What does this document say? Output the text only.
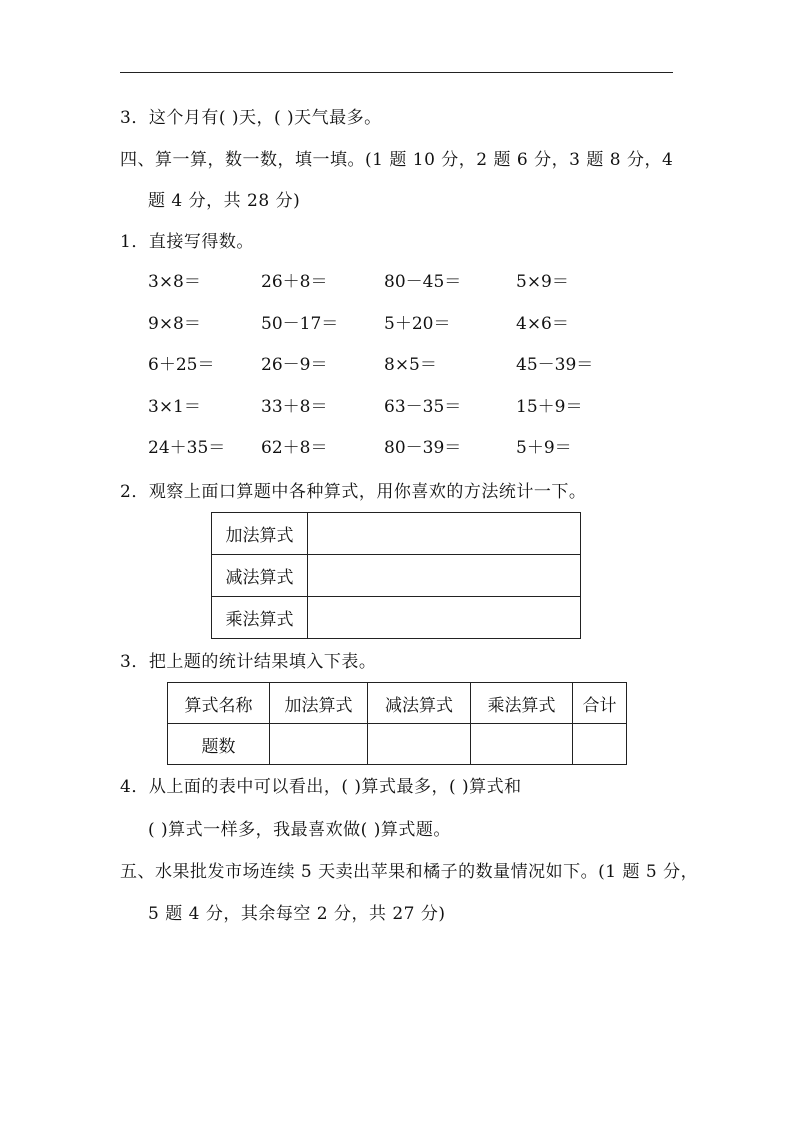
3．这个月有( )天，( )天气最多。
四、算一算，数一数，填一填。(1 题 10 分，2 题 6 分，3 题 8 分，4
题 4 分，共 28 分)
1．直接写得数。
3×8＝	26＋8＝	80－45＝	5×9＝
9×8＝	50－17＝	5＋20＝	4×6＝
6＋25＝	26－9＝	8×5＝	45－39＝
3×1＝	33＋8＝	63－35＝	15＋9＝
24＋35＝ 62＋8＝	80－39＝	5＋9＝
2．观察上面口算题中各种算式，用你喜欢的方法统计一下。
加法算式	
减法算式	
乘法算式	
3．把上题的统计结果填入下表。
算式名称	加法算式	减法算式	乘法算式	合计
题数				
4．从上面的表中可以看出，( )算式最多，( )算式和
( )算式一样多，我最喜欢做( )算式题。
五、水果批发市场连续 5 天卖出苹果和橘子的数量情况如下。(1 题 5 分，
5 题 4 分，其余每空 2 分，共 27 分)
